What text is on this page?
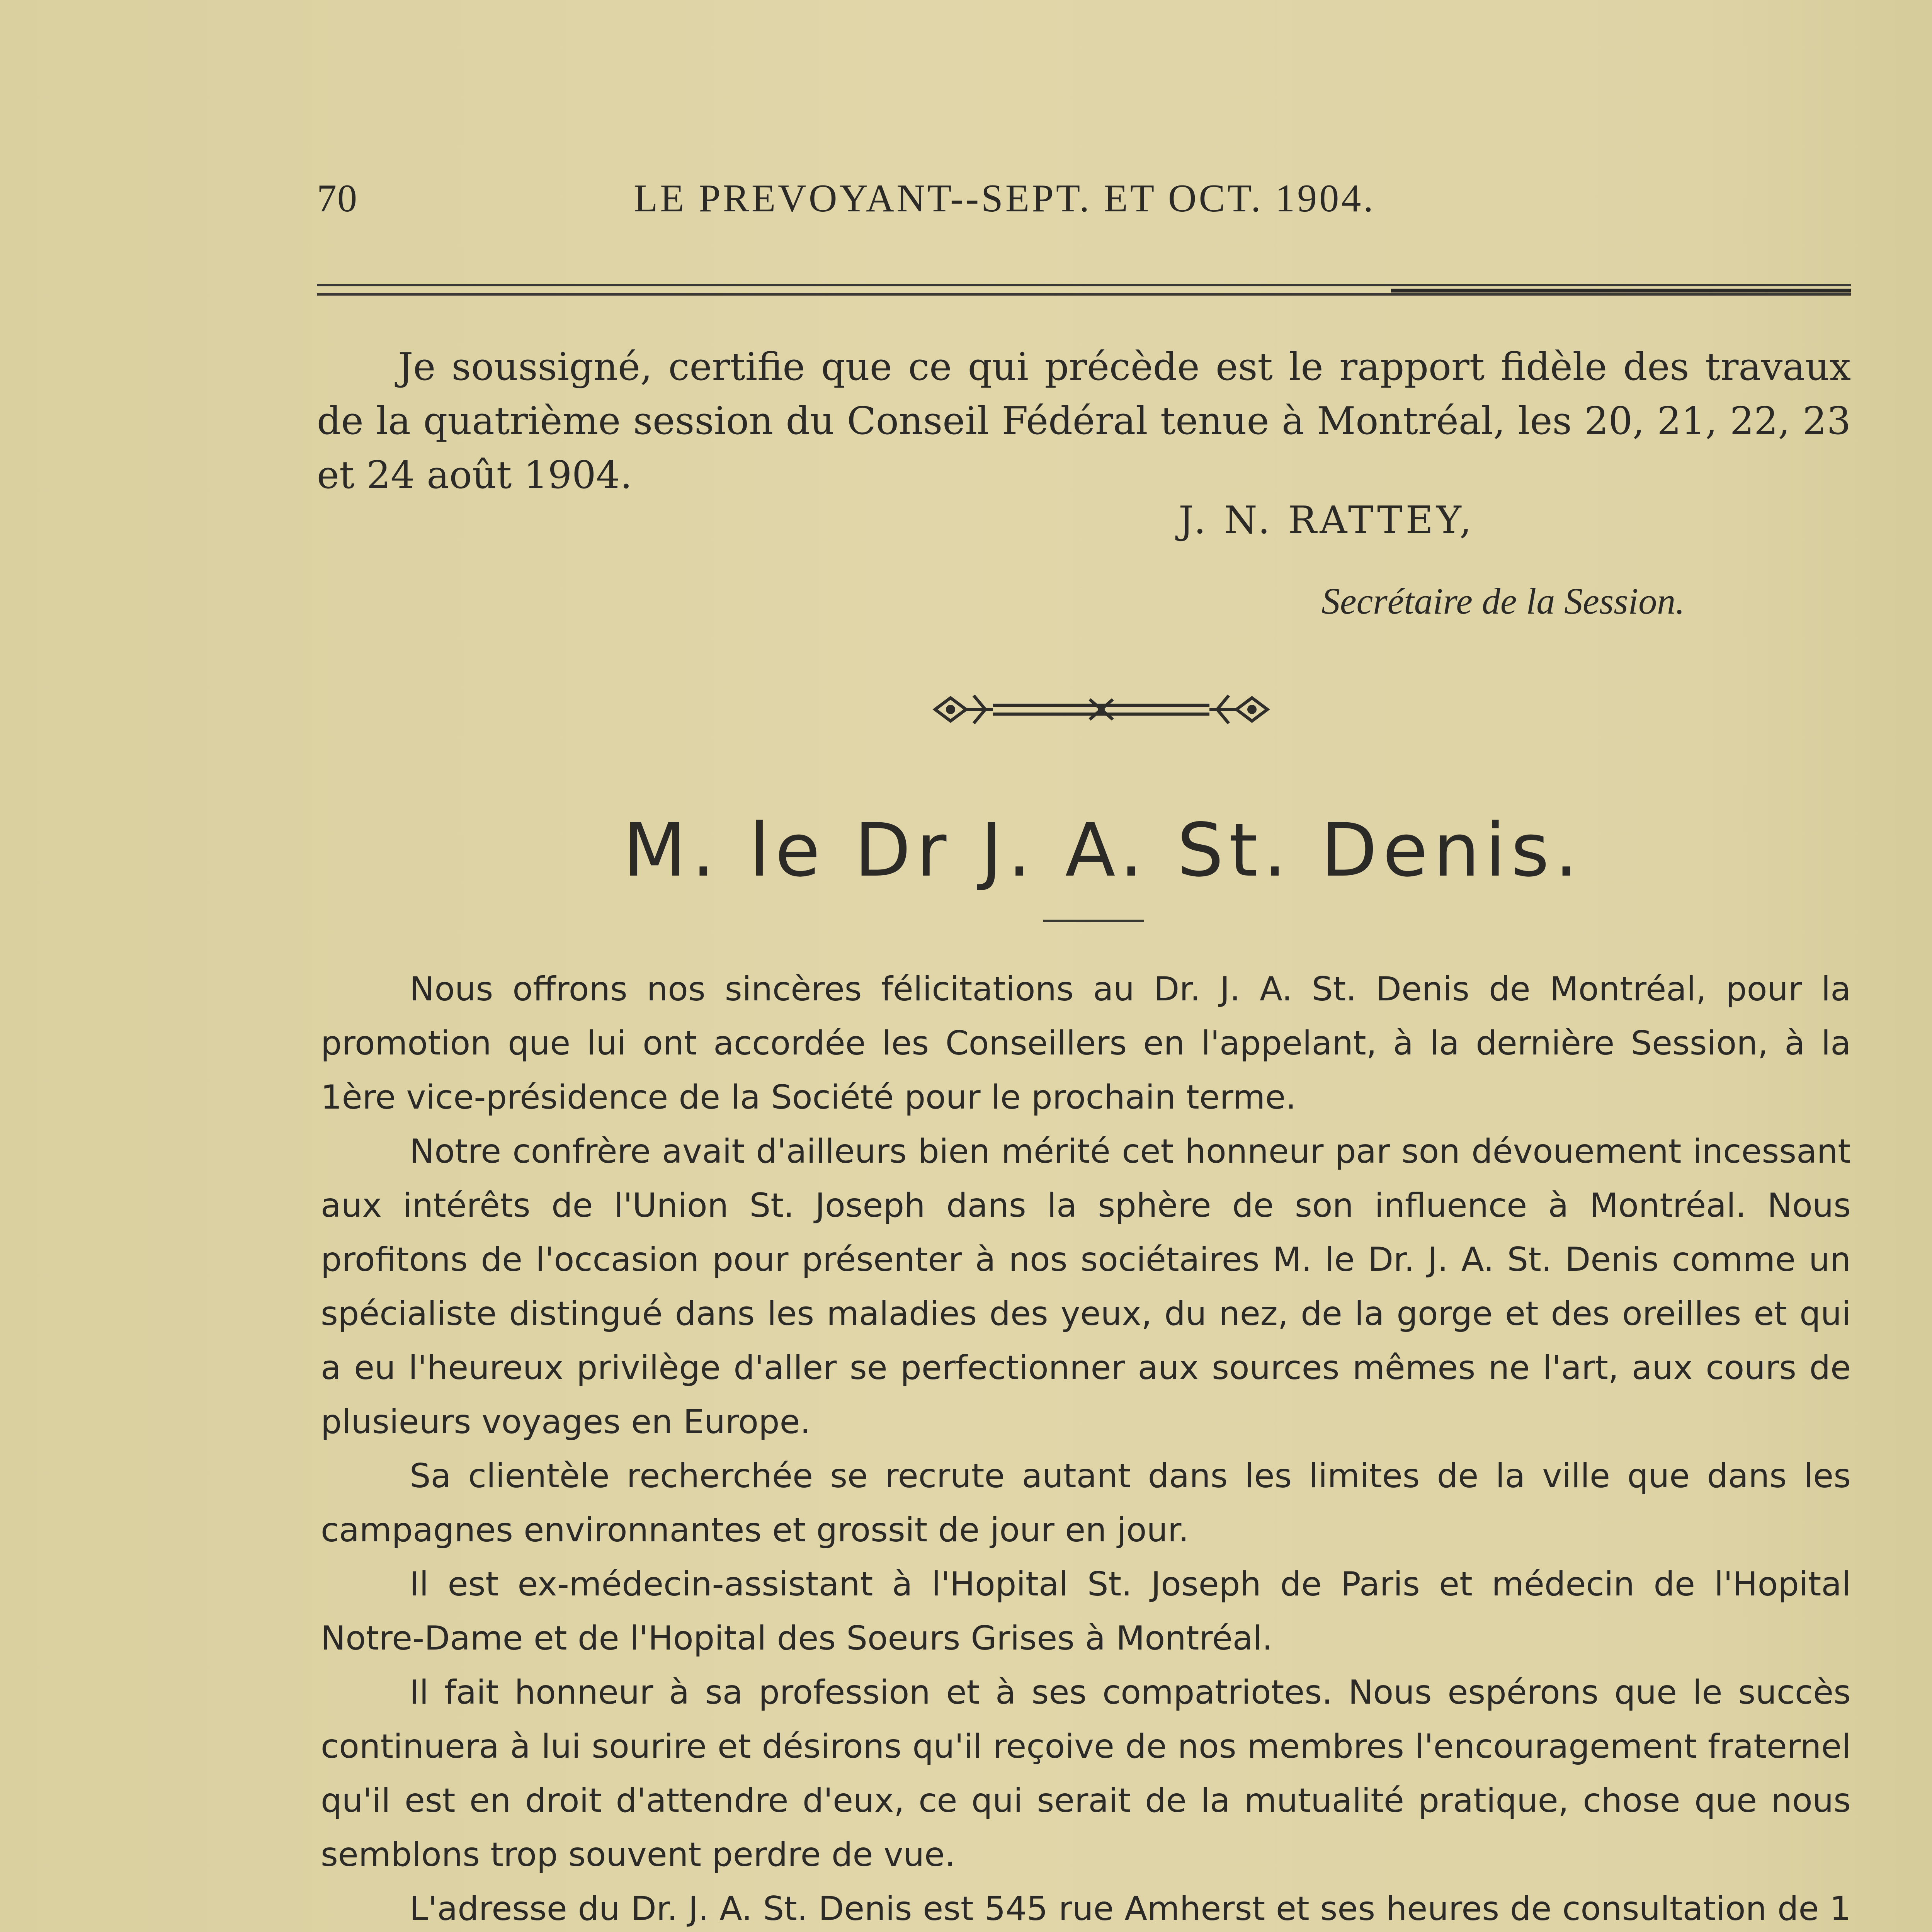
70	LE PREVOYANT--SEPT. ET OCT. 1904.

Je soussigné, certifie que ce qui précède est le rapport fidèle des travaux de la quatrième session du Conseil Fédéral tenue à Montréal, les 20, 21, 22, 23 et 24 août 1904.

J. N. RATTEY,
Secrétaire de la Session.
M. le Dr J. A. St. Denis.

Nous offrons nos sincères félicitations au Dr. J. A. St. Denis de Montréal, pour la promotion que lui ont accordée les Conseillers en l'appelant, à la dernière Session, à la 1ère vice-présidence de la Société pour le prochain terme.

Notre confrère avait d'ailleurs bien mérité cet honneur par son dévouement incessant aux intérêts de l'Union St. Joseph dans la sphère de son influence à Montréal. Nous profitons de l'occasion pour présenter à nos sociétaires M. le Dr. J. A. St. Denis comme un spécialiste distingué dans les maladies des yeux, du nez, de la gorge et des oreilles et qui a eu l'heureux privilège d'aller se perfectionner aux sources mêmes ne l'art, aux cours de plusieurs voyages en Europe.

Sa clientèle recherchée se recrute autant dans les limites de la ville que dans les campagnes environnantes et grossit de jour en jour.

Il est ex-médecin-assistant à l'Hopital St. Joseph de Paris et médecin de l'Hopital Notre-Dame et de l'Hopital des Soeurs Grises à Montréal.

Il fait honneur à sa profession et à ses compatriotes. Nous espérons que le succès continuera à lui sourire et désirons qu'il reçoive de nos membres l'encouragement fraternel qu'il est en droit d'attendre d'eux, ce qui serait de la mutualité pratique, chose que nous semblons trop souvent perdre de vue.

L'adresse du Dr. J. A. St. Denis est 545 rue Amherst et ses heures de consultation de 1
